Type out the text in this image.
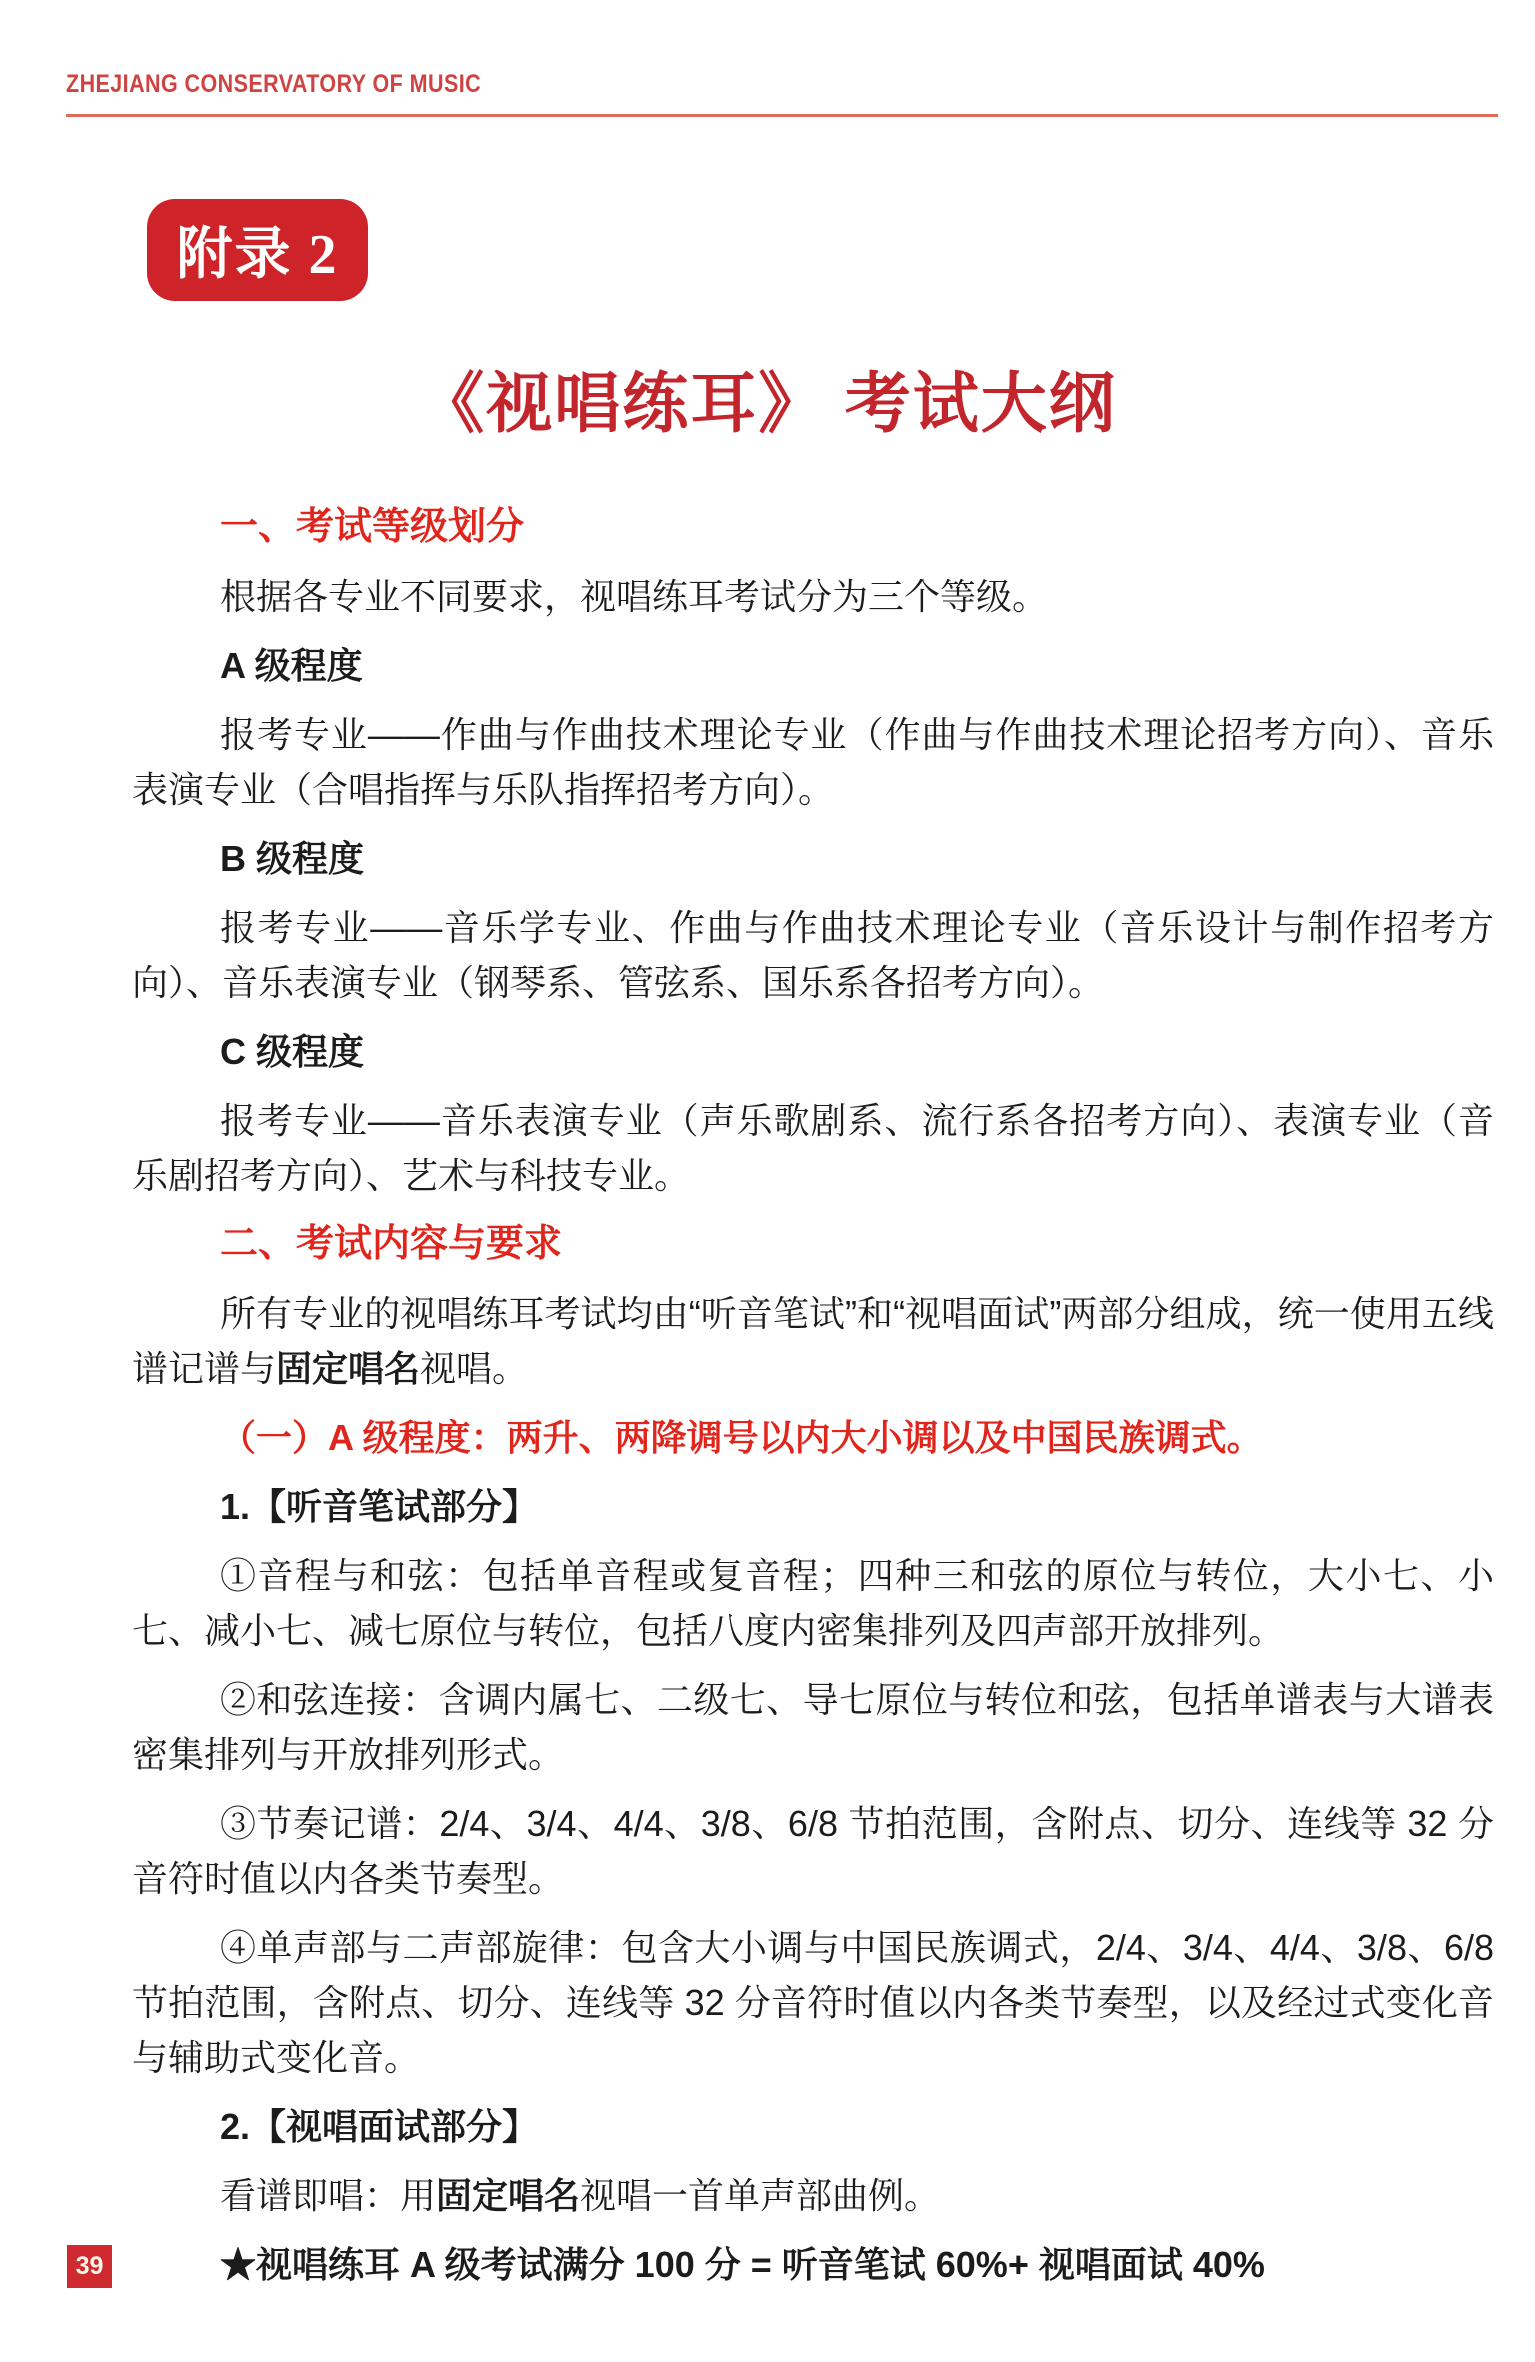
ZHEJIANG CONSERVATORY OF MUSIC
附录 2
《视唱练耳》 考试大纲
一、考试等级划分

根据各专业不同要求，视唱练耳考试分为三个等级。

A 级程度

报考专业——作曲与作曲技术理论专业（作曲与作曲技术理论招考方向）、音乐表演专业（合唱指挥与乐队指挥招考方向）。

B 级程度

报考专业——音乐学专业、作曲与作曲技术理论专业（音乐设计与制作招考方向）、音乐表演专业（钢琴系、管弦系、国乐系各招考方向）。

C 级程度

报考专业——音乐表演专业（声乐歌剧系、流行系各招考方向）、表演专业（音乐剧招考方向）、艺术与科技专业。

二、考试内容与要求

所有专业的视唱练耳考试均由“听音笔试”和“视唱面试”两部分组成，统一使用五线谱记谱与固定唱名视唱。

（一）A 级程度：两升、两降调号以内大小调以及中国民族调式。

1.【听音笔试部分】

①音程与和弦：包括单音程或复音程；四种三和弦的原位与转位，大小七、小七、减小七、减七原位与转位，包括八度内密集排列及四声部开放排列。

②和弦连接：含调内属七、二级七、导七原位与转位和弦，包括单谱表与大谱表密集排列与开放排列形式。

③节奏记谱：2/4、3/4、4/4、3/8、6/8 节拍范围，含附点、切分、连线等 32 分音符时值以内各类节奏型。

④单声部与二声部旋律：包含大小调与中国民族调式，2/4、3/4、4/4、3/8、6/8 节拍范围，含附点、切分、连线等 32 分音符时值以内各类节奏型，以及经过式变化音与辅助式变化音。

2.【视唱面试部分】

看谱即唱：用固定唱名视唱一首单声部曲例。

★视唱练耳 A 级考试满分 100 分 = 听音笔试 60%+ 视唱面试 40%

39
